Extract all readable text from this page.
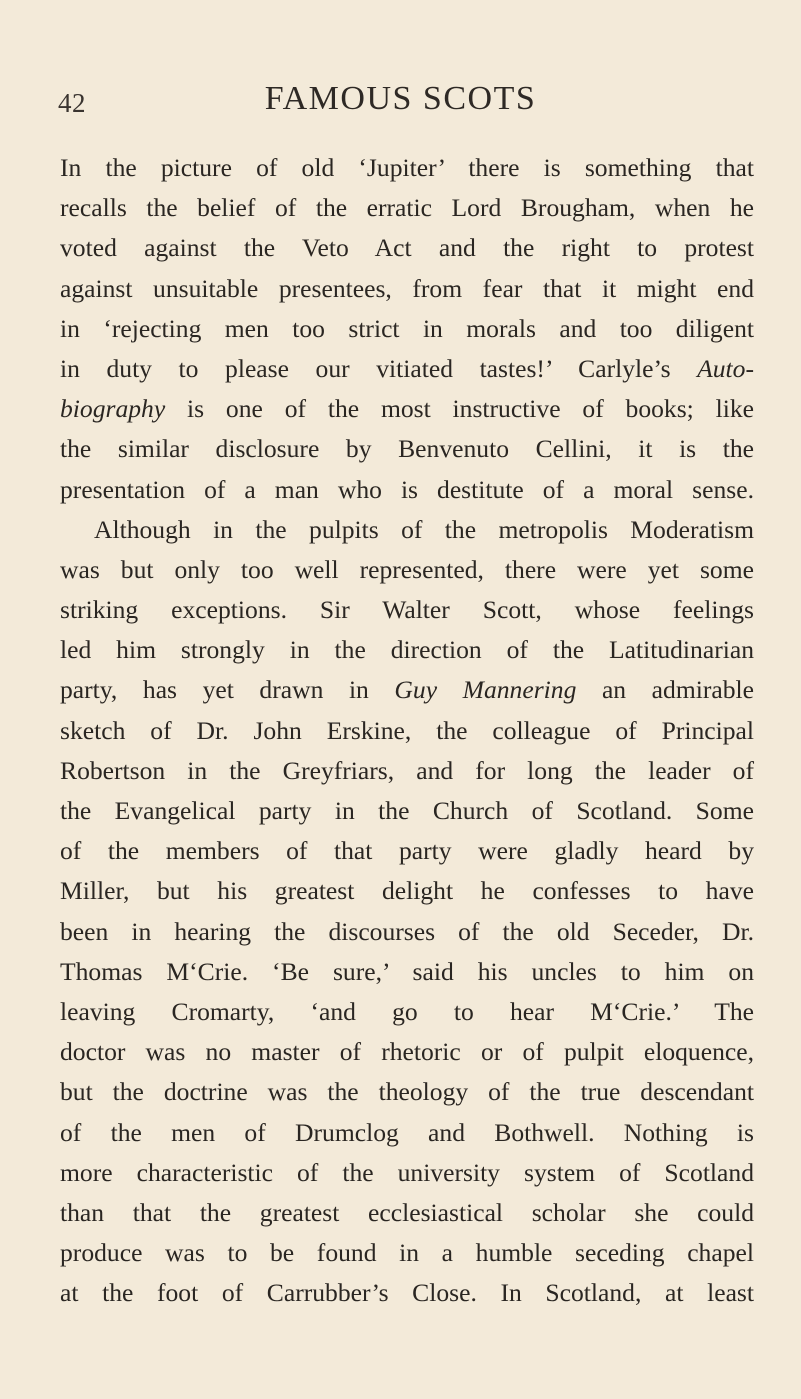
42	FAMOUS SCOTS
In the picture of old ‘Jupiter’ there is something that
recalls the belief of the erratic Lord Brougham, when he
voted against the Veto Act and the right to protest
against unsuitable presentees, from fear that it might end
in ‘rejecting men too strict in morals and too diligent
in duty to please our vitiated tastes!’ Carlyle’s Auto-
biography is one of the most instructive of books; like
the similar disclosure by Benvenuto Cellini, it is the
presentation of a man who is destitute of a moral sense.
Although in the pulpits of the metropolis Moderatism
was but only too well represented, there were yet some
striking exceptions. Sir Walter Scott, whose feelings
led him strongly in the direction of the Latitudinarian
party, has yet drawn in Guy Mannering an admirable
sketch of Dr. John Erskine, the colleague of Principal
Robertson in the Greyfriars, and for long the leader of
the Evangelical party in the Church of Scotland. Some
of the members of that party were gladly heard by
Miller, but his greatest delight he confesses to have
been in hearing the discourses of the old Seceder, Dr.
Thomas M‘Crie. ‘Be sure,’ said his uncles to him on
leaving Cromarty, ‘and go to hear M‘Crie.’ The
doctor was no master of rhetoric or of pulpit eloquence,
but the doctrine was the theology of the true descendant
of the men of Drumclog and Bothwell. Nothing is
more characteristic of the university system of Scotland
than that the greatest ecclesiastical scholar she could
produce was to be found in a humble seceding chapel
at the foot of Carrubber’s Close. In Scotland, at least
